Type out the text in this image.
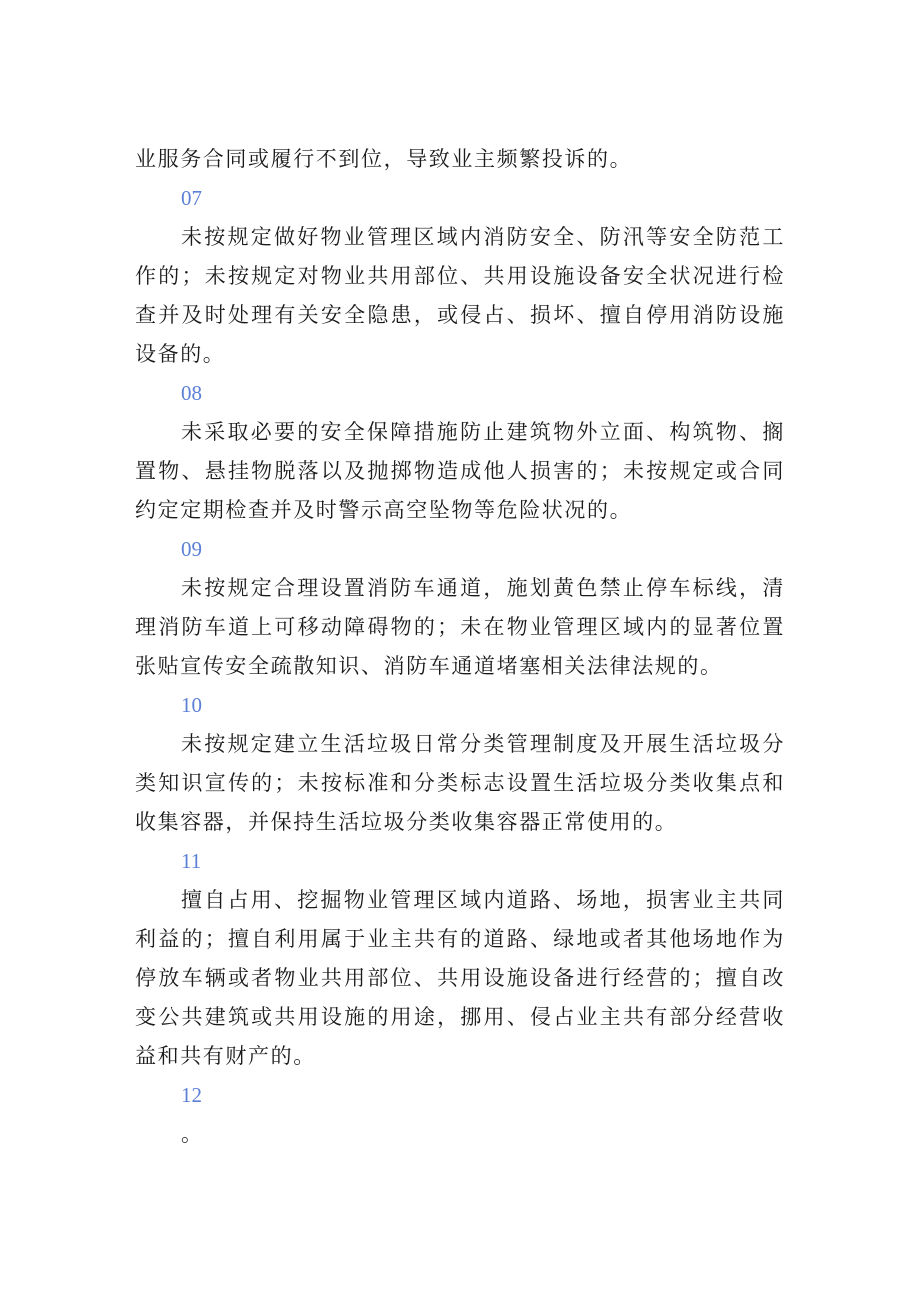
业服务合同或履行不到位，导致业主频繁投诉的。

07

未按规定做好物业管理区域内消防安全、防汛等安全防范工作的；未按规定对物业共用部位、共用设施设备安全状况进行检查并及时处理有关安全隐患，或侵占、损坏、擅自停用消防设施设备的。

08

未采取必要的安全保障措施防止建筑物外立面、构筑物、搁置物、悬挂物脱落以及抛掷物造成他人损害的；未按规定或合同约定定期检查并及时警示高空坠物等危险状况的。

09

未按规定合理设置消防车通道，施划黄色禁止停车标线，清理消防车道上可移动障碍物的；未在物业管理区域内的显著位置张贴宣传安全疏散知识、消防车通道堵塞相关法律法规的。

10

未按规定建立生活垃圾日常分类管理制度及开展生活垃圾分类知识宣传的；未按标准和分类标志设置生活垃圾分类收集点和收集容器，并保持生活垃圾分类收集容器正常使用的。

11

擅自占用、挖掘物业管理区域内道路、场地，损害业主共同利益的；擅自利用属于业主共有的道路、绿地或者其他场地作为停放车辆或者物业共用部位、共用设施设备进行经营的；擅自改变公共建筑或共用设施的用途，挪用、侵占业主共有部分经营收益和共有财产的。

12

。
